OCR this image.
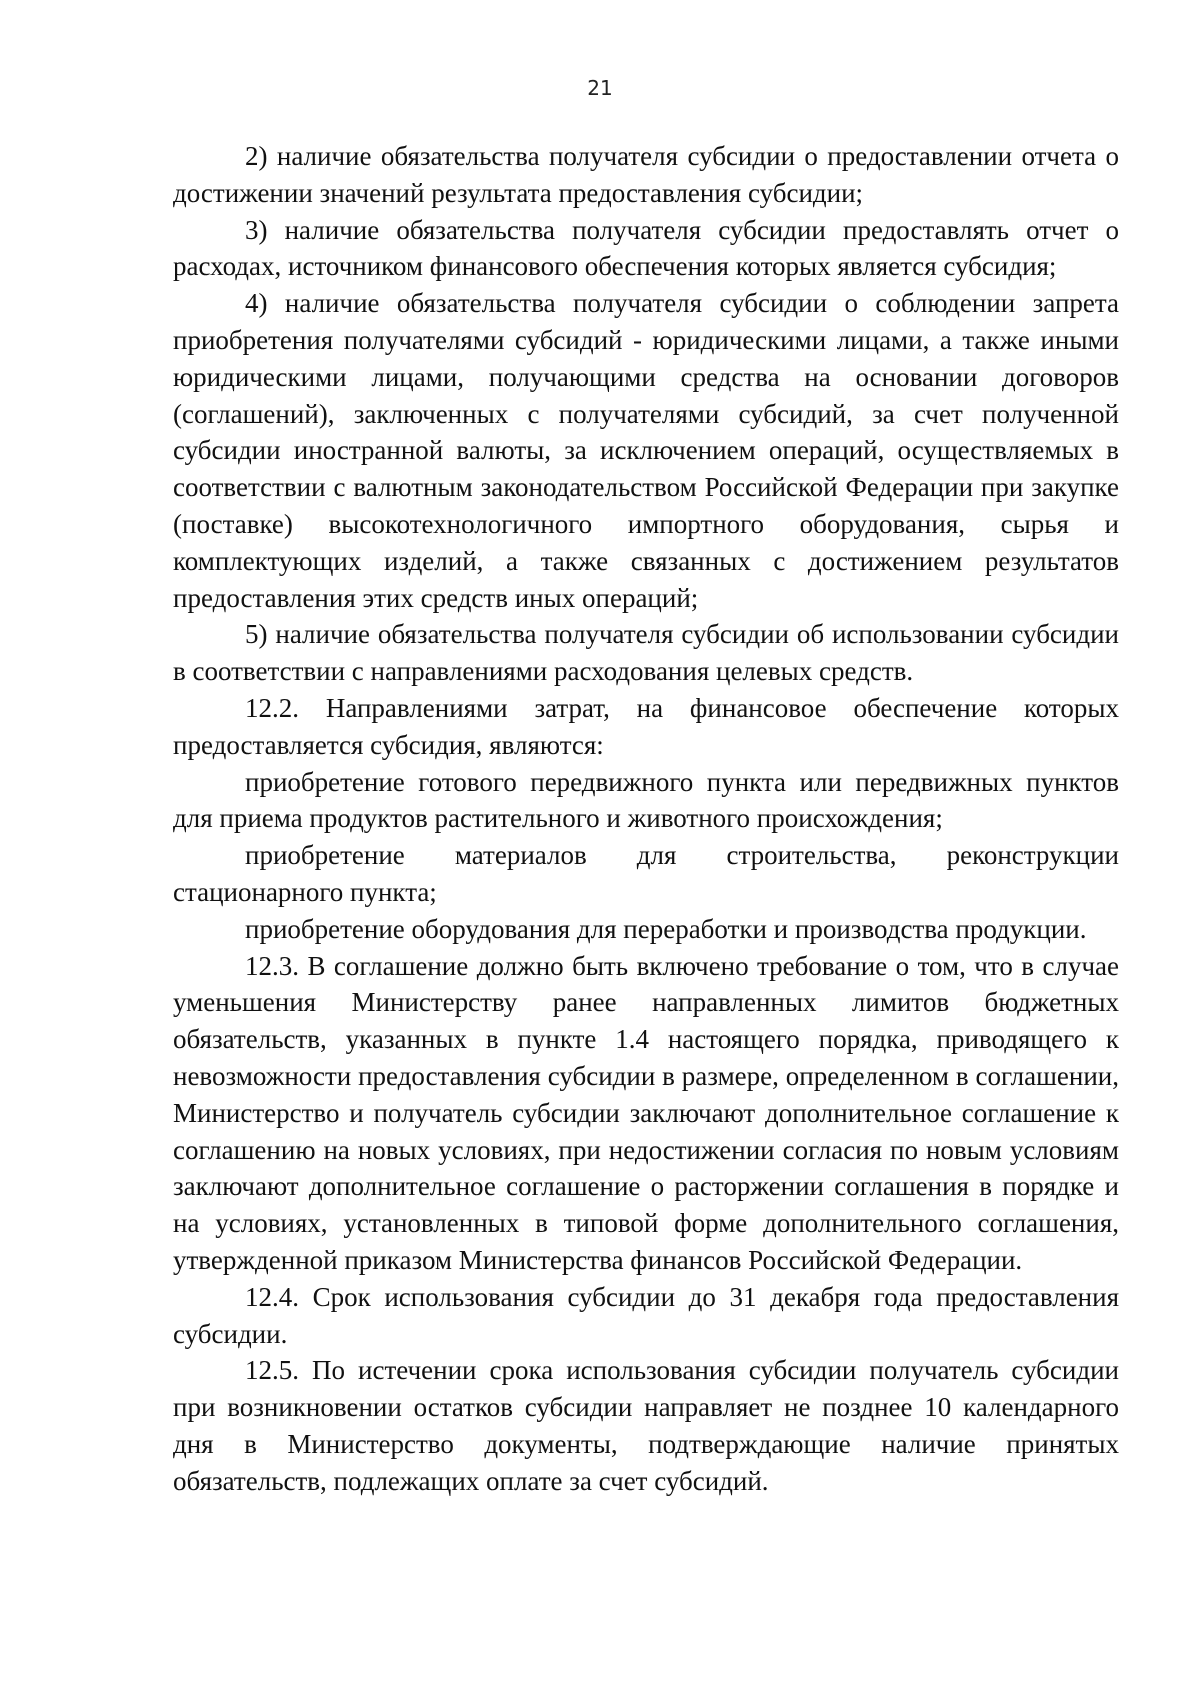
21

2) наличие обязательства получателя субсидии о предоставлении отчета о достижении значений результата предоставления субсидии;

3) наличие обязательства получателя субсидии предоставлять отчет о расходах, источником финансового обеспечения которых является субсидия;

4) наличие обязательства получателя субсидии о соблюдении запрета приобретения получателями субсидий - юридическими лицами, а также иными юридическими лицами, получающими средства на основании договоров (соглашений), заключенных с получателями субсидий, за счет полученной субсидии иностранной валюты, за исключением операций, осуществляемых в соответствии с валютным законодательством Российской Федерации при закупке (поставке) высокотехнологичного импортного оборудования, сырья и комплектующих изделий, а также связанных с достижением результатов предоставления этих средств иных операций;

5) наличие обязательства получателя субсидии об использовании субсидии в соответствии с направлениями расходования целевых средств.

12.2. Направлениями затрат, на финансовое обеспечение которых предоставляется субсидия, являются:

приобретение готового передвижного пункта или передвижных пунктов для приема продуктов растительного и животного происхождения;

приобретение материалов для строительства, реконструкции стационарного пункта;

приобретение оборудования для переработки и производства продукции.

12.3. В соглашение должно быть включено требование о том, что в случае уменьшения Министерству ранее направленных лимитов бюджетных обязательств, указанных в пункте 1.4 настоящего порядка, приводящего к невозможности предоставления субсидии в размере, определенном в соглашении, Министерство и получатель субсидии заключают дополнительное соглашение к соглашению на новых условиях, при недостижении согласия по новым условиям заключают дополнительное соглашение о расторжении соглашения в порядке и на условиях, установленных в типовой форме дополнительного соглашения, утвержденной приказом Министерства финансов Российской Федерации.

12.4. Срок использования субсидии до 31 декабря года предоставления субсидии.

12.5. По истечении срока использования субсидии получатель субсидии при возникновении остатков субсидии направляет не позднее 10 календарного дня в Министерство документы, подтверждающие наличие принятых обязательств, подлежащих оплате за счет субсидий.
